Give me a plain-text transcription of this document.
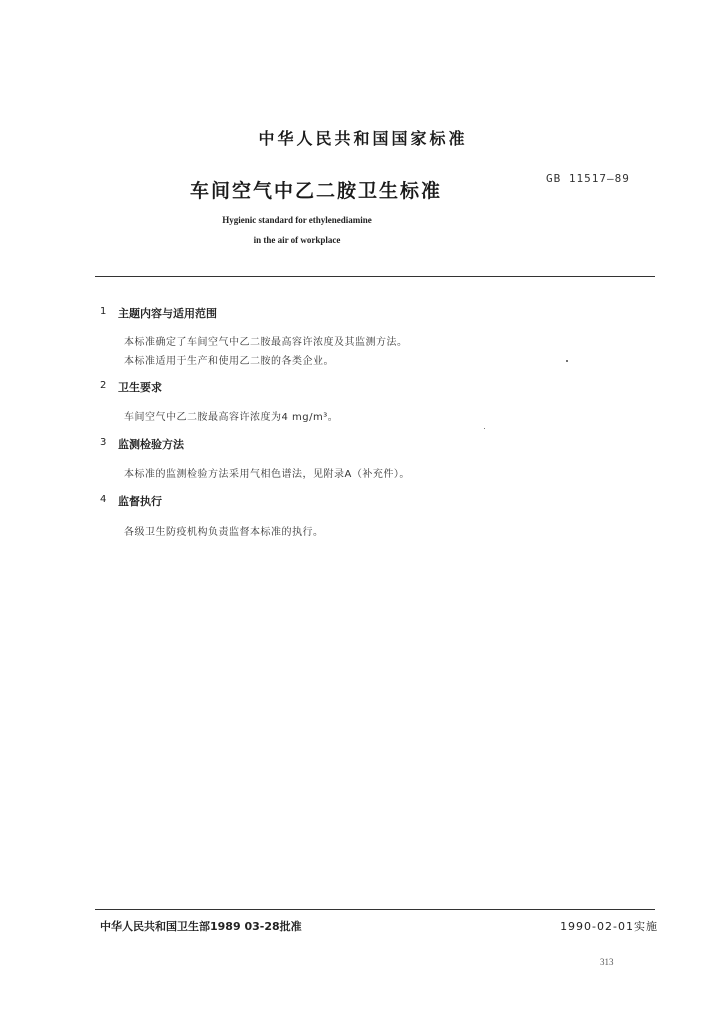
中华人民共和国国家标准
车间空气中乙二胺卫生标准
GB 11517—89
Hygienic standard for ethylenediamine
in the air of workplace
1 主题内容与适用范围
本标准确定了车间空气中乙二胺最高容许浓度及其监测方法。
本标准适用于生产和使用乙二胺的各类企业。
2 卫生要求
车间空气中乙二胺最高容许浓度为4 mg/m³。
3 监测检验方法
本标准的监测检验方法采用气相色谱法，见附录A（补充件）。
4 监督执行
各级卫生防疫机构负责监督本标准的执行。
中华人民共和国卫生部1989 03-28批准	1990-02-01实施
313
